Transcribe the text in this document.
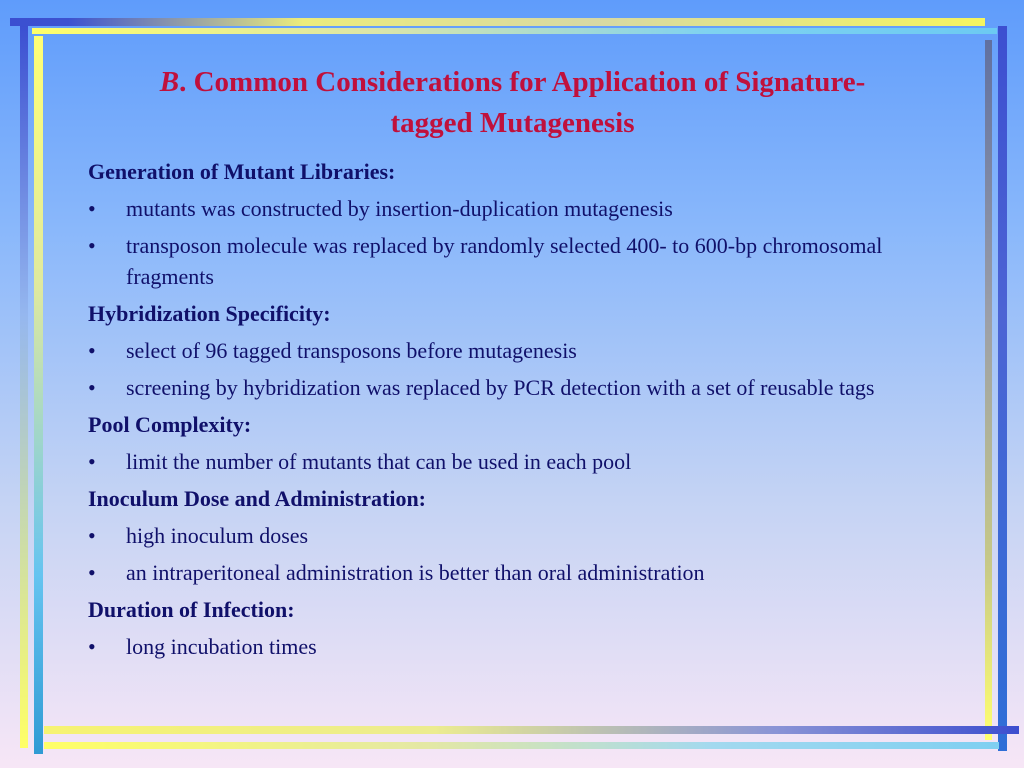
B. Common Considerations for Application of Signature-tagged Mutagenesis

Generation of Mutant Libraries:

• mutants was constructed by insertion-duplication mutagenesis
• transposon molecule was replaced by randomly selected 400- to 600-bp chromosomal fragments

Hybridization Specificity:

• select of 96 tagged transposons before mutagenesis
• screening by hybridization was replaced by PCR detection with a set of reusable tags

Pool Complexity:

• limit the number of mutants that can be used in each pool

Inoculum Dose and Administration:

• high inoculum doses
• an intraperitoneal administration is better than oral administration

Duration of Infection:

• long incubation times
